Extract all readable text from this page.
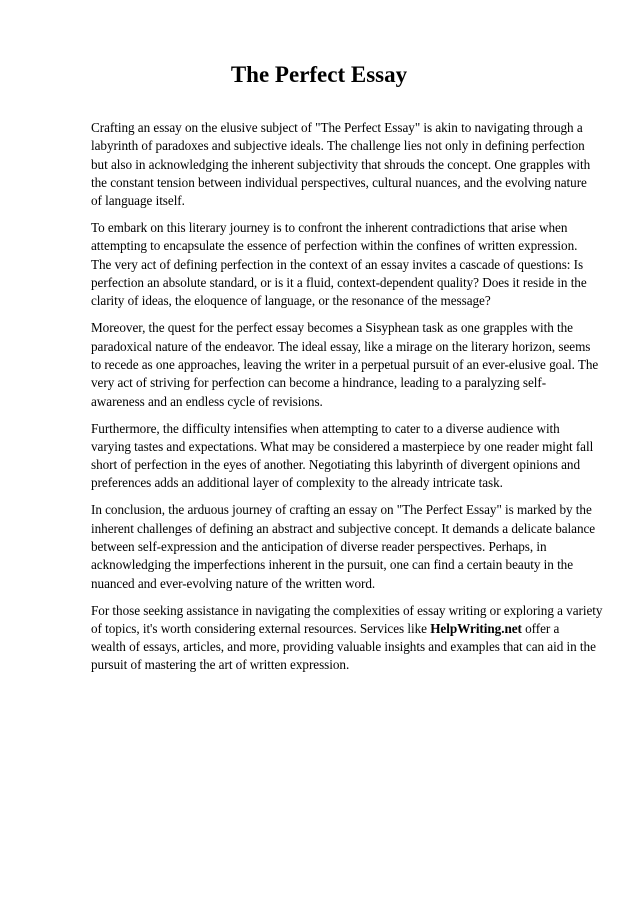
The Perfect Essay

Crafting an essay on the elusive subject of "The Perfect Essay" is akin to navigating through a
labyrinth of paradoxes and subjective ideals. The challenge lies not only in defining perfection
but also in acknowledging the inherent subjectivity that shrouds the concept. One grapples with
the constant tension between individual perspectives, cultural nuances, and the evolving nature
of language itself.

To embark on this literary journey is to confront the inherent contradictions that arise when
attempting to encapsulate the essence of perfection within the confines of written expression.
The very act of defining perfection in the context of an essay invites a cascade of questions: Is
perfection an absolute standard, or is it a fluid, context-dependent quality? Does it reside in the
clarity of ideas, the eloquence of language, or the resonance of the message?

Moreover, the quest for the perfect essay becomes a Sisyphean task as one grapples with the
paradoxical nature of the endeavor. The ideal essay, like a mirage on the literary horizon, seems
to recede as one approaches, leaving the writer in a perpetual pursuit of an ever-elusive goal. The
very act of striving for perfection can become a hindrance, leading to a paralyzing self-
awareness and an endless cycle of revisions.

Furthermore, the difficulty intensifies when attempting to cater to a diverse audience with
varying tastes and expectations. What may be considered a masterpiece by one reader might fall
short of perfection in the eyes of another. Negotiating this labyrinth of divergent opinions and
preferences adds an additional layer of complexity to the already intricate task.

In conclusion, the arduous journey of crafting an essay on "The Perfect Essay" is marked by the
inherent challenges of defining an abstract and subjective concept. It demands a delicate balance
between self-expression and the anticipation of diverse reader perspectives. Perhaps, in
acknowledging the imperfections inherent in the pursuit, one can find a certain beauty in the
nuanced and ever-evolving nature of the written word.

For those seeking assistance in navigating the complexities of essay writing or exploring a variety
of topics, it's worth considering external resources. Services like HelpWriting.net offer a
wealth of essays, articles, and more, providing valuable insights and examples that can aid in the
pursuit of mastering the art of written expression.
